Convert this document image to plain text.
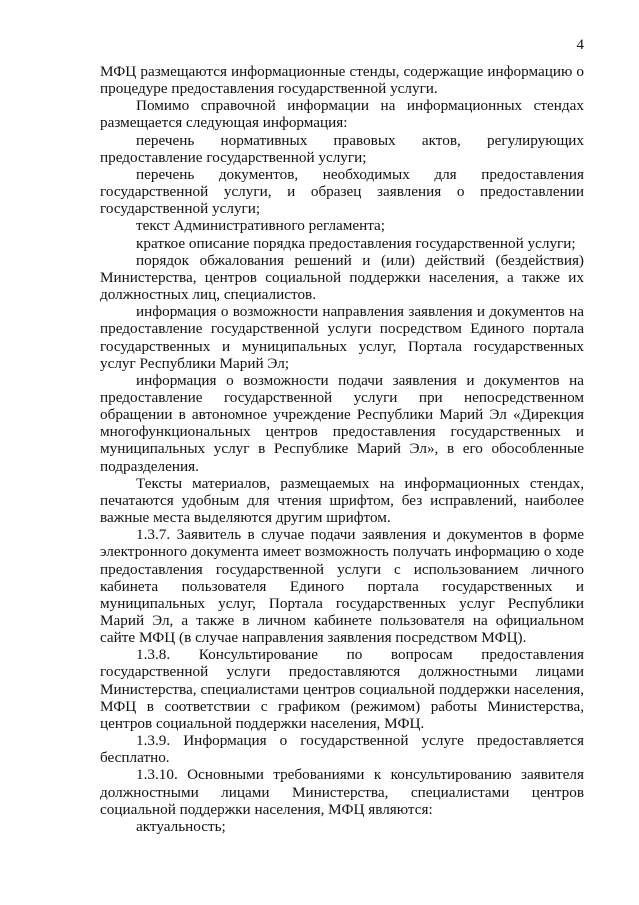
4

МФЦ размещаются информационные стенды, содержащие информацию о процедуре предоставления государственной услуги.

Помимо справочной информации на информационных стендах размещается следующая информация:

перечень нормативных правовых актов, регулирующих предоставление государственной услуги;

перечень документов, необходимых для предоставления государственной услуги, и образец заявления о предоставлении государственной услуги;

текст Административного регламента;

краткое описание порядка предоставления государственной услуги;

порядок обжалования решений и (или) действий (бездействия) Министерства, центров социальной поддержки населения, а также их должностных лиц, специалистов.

информация о возможности направления заявления и документов на предоставление государственной услуги посредством Единого портала государственных и муниципальных услуг, Портала государственных услуг Республики Марий Эл;

информация о возможности подачи заявления и документов на предоставление государственной услуги при непосредственном обращении в автономное учреждение Республики Марий Эл «Дирекция многофункциональных центров предоставления государственных и муниципальных услуг в Республике Марий Эл», в его обособленные подразделения.

Тексты материалов, размещаемых на информационных стендах, печатаются удобным для чтения шрифтом, без исправлений, наиболее важные места выделяются другим шрифтом.

1.3.7. Заявитель в случае подачи заявления и документов в форме электронного документа имеет возможность получать информацию о ходе предоставления государственной услуги с использованием личного кабинета пользователя Единого портала государственных и муниципальных услуг, Портала государственных услуг Республики Марий Эл, а также в личном кабинете пользователя на официальном сайте МФЦ (в случае направления заявления посредством МФЦ).

1.3.8. Консультирование по вопросам предоставления государственной услуги предоставляются должностными лицами Министерства, специалистами центров социальной поддержки населения, МФЦ в соответствии с графиком (режимом) работы Министерства, центров социальной поддержки населения, МФЦ.

1.3.9. Информация о государственной услуге предоставляется бесплатно.

1.3.10. Основными требованиями к консультированию заявителя должностными лицами Министерства, специалистами центров социальной поддержки населения, МФЦ являются:

актуальность;
